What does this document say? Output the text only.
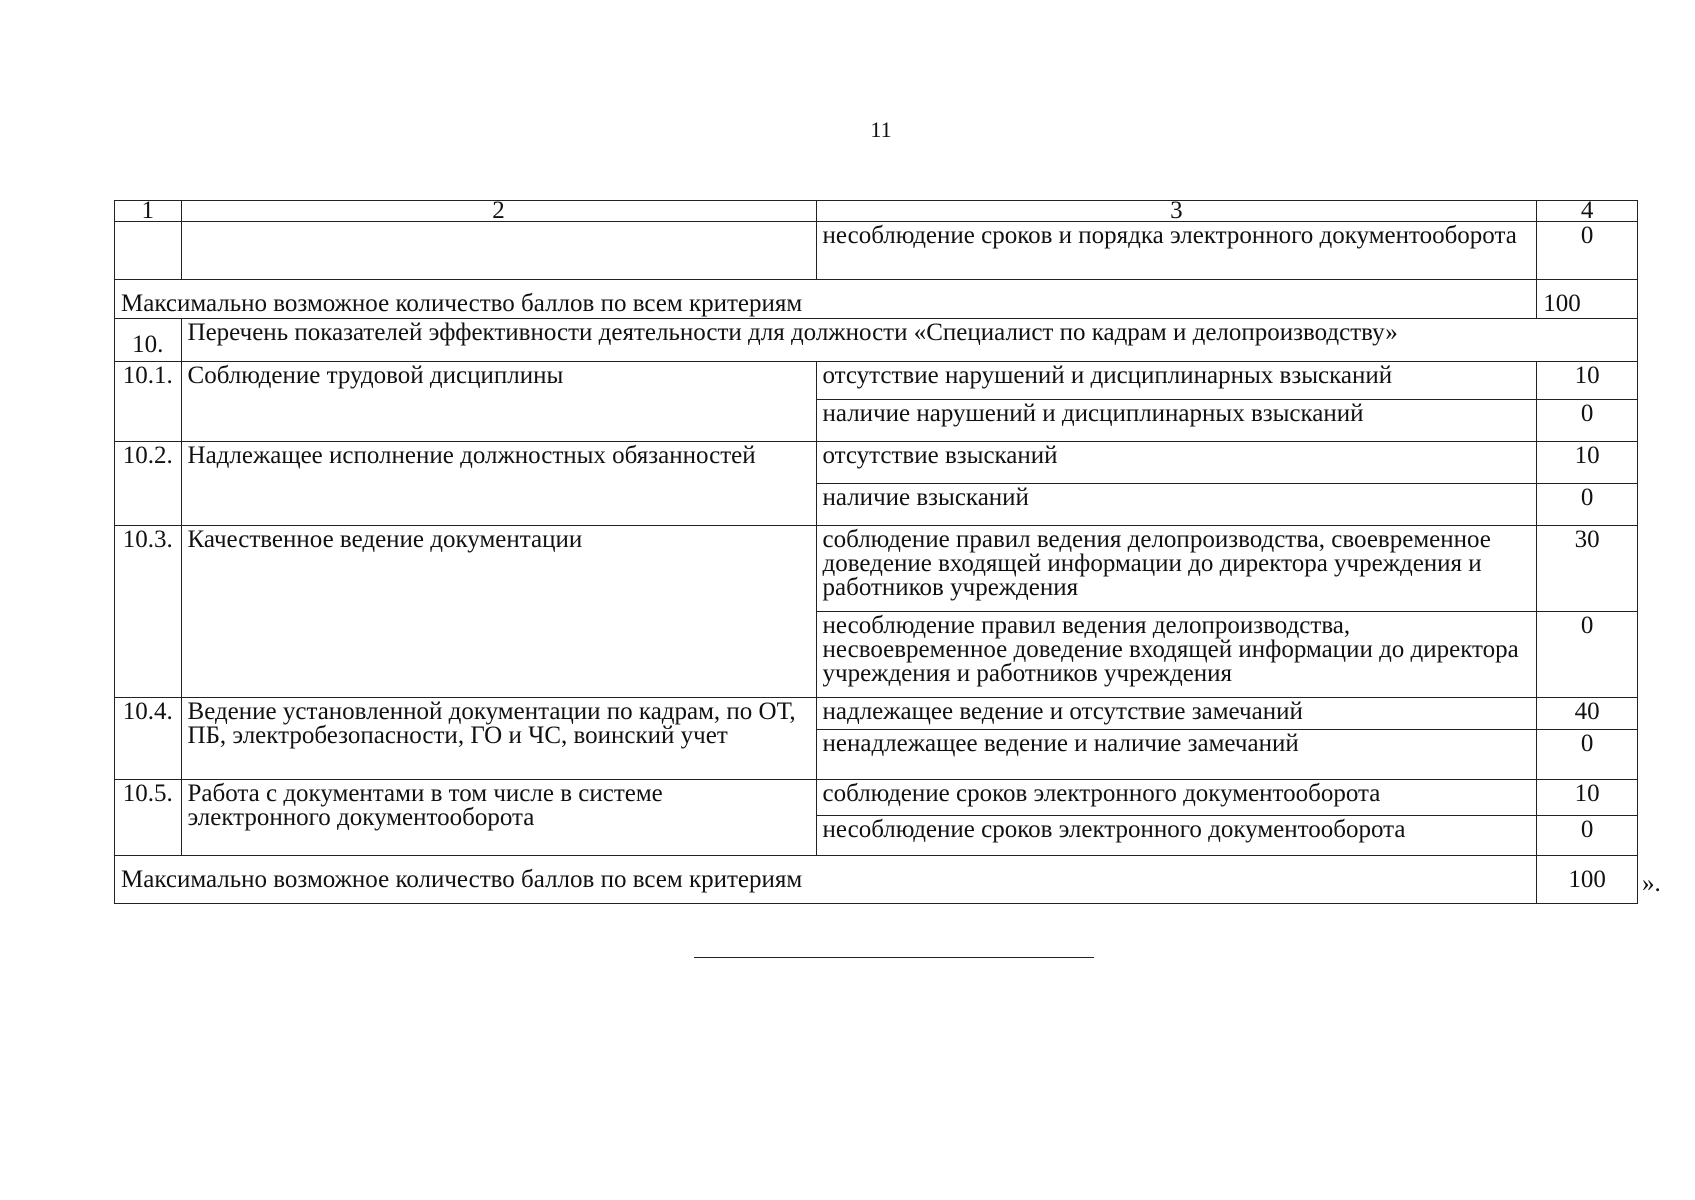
11
1	2	3	4
		несоблюдение сроков и порядка электронного документооборота	0
Максимально возможное количество баллов по всем критериям			100
10.	Перечень показателей эффективности деятельности для должности «Специалист по кадрам и делопроизводству»		
10.1.	Соблюдение трудовой дисциплины	отсутствие нарушений и дисциплинарных взысканий	10
		наличие нарушений и дисциплинарных взысканий	0
10.2.	Надлежащее исполнение должностных обязанностей	отсутствие взысканий	10
		наличие взысканий	0
10.3.	Качественное ведение документации	соблюдение правил ведения делопроизводства, своевременное доведение входящей информации до директора учреждения и работников учреждения	30
		несоблюдение правил ведения делопроизводства, несвоевременное доведение входящей информации до директора учреждения и работников учреждения	0
10.4.	Ведение установленной документации по кадрам, по ОТ, ПБ, электробезопасности, ГО и ЧС, воинский учет	надлежащее ведение и отсутствие замечаний	40
		ненадлежащее ведение и наличие замечаний	0
10.5.	Работа с документами в том числе в системе электронного документооборота	соблюдение сроков электронного документооборота	10
		несоблюдение сроков электронного документооборота	0
Максимально возможное количество баллов по всем критериям			100 ».
